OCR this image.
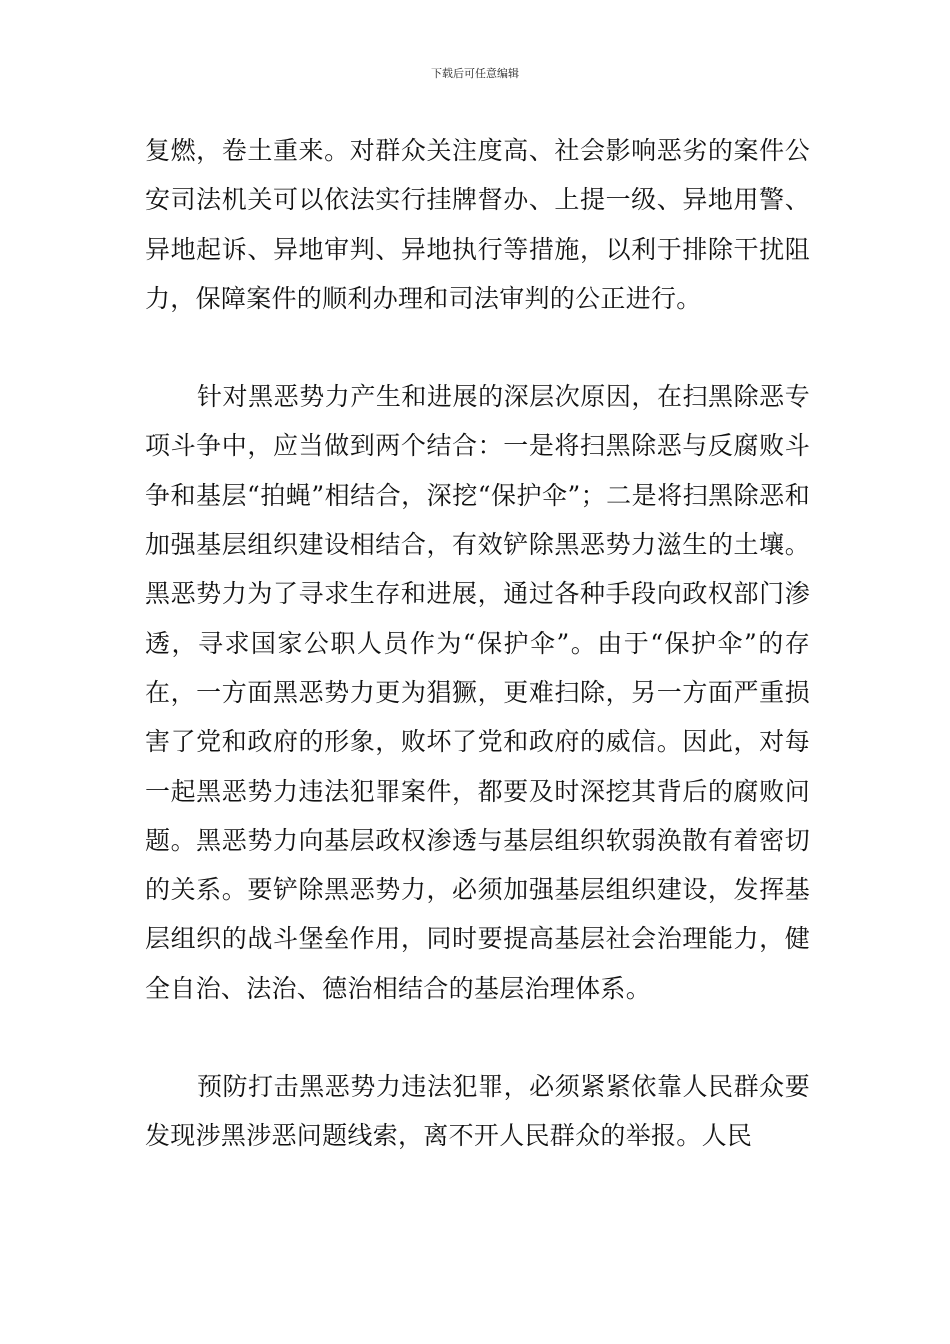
下载后可任意编辑

复燃，卷土重来。对群众关注度高、社会影响恶劣的案件公安司法机关可以依法实行挂牌督办、上提一级、异地用警、异地起诉、异地审判、异地执行等措施，以利于排除干扰阻力，保障案件的顺利办理和司法审判的公正进行。

针对黑恶势力产生和进展的深层次原因，在扫黑除恶专项斗争中，应当做到两个结合：一是将扫黑除恶与反腐败斗争和基层“拍蝇”相结合，深挖“保护伞”；二是将扫黑除恶和加强基层组织建设相结合，有效铲除黑恶势力滋生的土壤。黑恶势力为了寻求生存和进展，通过各种手段向政权部门渗透，寻求国家公职人员作为“保护伞”。由于“保护伞”的存在，一方面黑恶势力更为猖獗，更难扫除，另一方面严重损害了党和政府的形象，败坏了党和政府的威信。因此，对每一起黑恶势力违法犯罪案件，都要及时深挖其背后的腐败问题。黑恶势力向基层政权渗透与基层组织软弱涣散有着密切的关系。要铲除黑恶势力，必须加强基层组织建设，发挥基层组织的战斗堡垒作用，同时要提高基层社会治理能力，健全自治、法治、德治相结合的基层治理体系。

预防打击黑恶势力违法犯罪，必须紧紧依靠人民群众要发现涉黑涉恶问题线索，离不开人民群众的举报。人民
